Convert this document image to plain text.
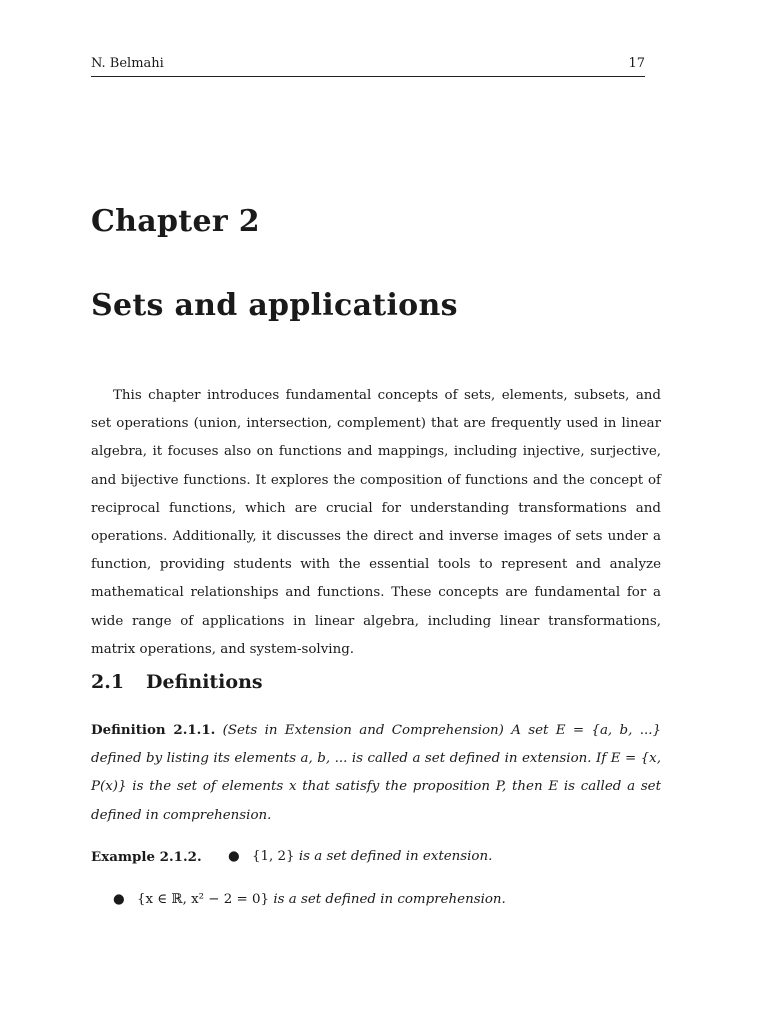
N. Belmahi	17
Chapter 2
Sets and applications

This chapter introduces fundamental concepts of sets, elements, subsets, and set operations (union, intersection, complement) that are frequently used in linear algebra, it focuses also on functions and mappings, including injective, surjective, and bijective functions. It explores the composition of functions and the concept of reciprocal functions, which are crucial for understanding transformations and operations. Additionally, it discusses the direct and inverse images of sets under a function, providing students with the essential tools to represent and analyze mathematical relationships and functions. These concepts are fundamental for a wide range of applications in linear algebra, including linear transformations, matrix operations, and system-solving.

2.1 Definitions
Definition 2.1.1. (Sets in Extension and Comprehension) A set E = {a, b, ...} defined by listing its elements a, b, ... is called a set defined in extension. If E = {x, P(x)} is the set of elements x that satisfy the proposition P, then E is called a set defined in comprehension.
Example 2.1.2. ● {1, 2} is a set defined in extension.
● {x ∈ ℝ, x² − 2 = 0} is a set defined in comprehension.
